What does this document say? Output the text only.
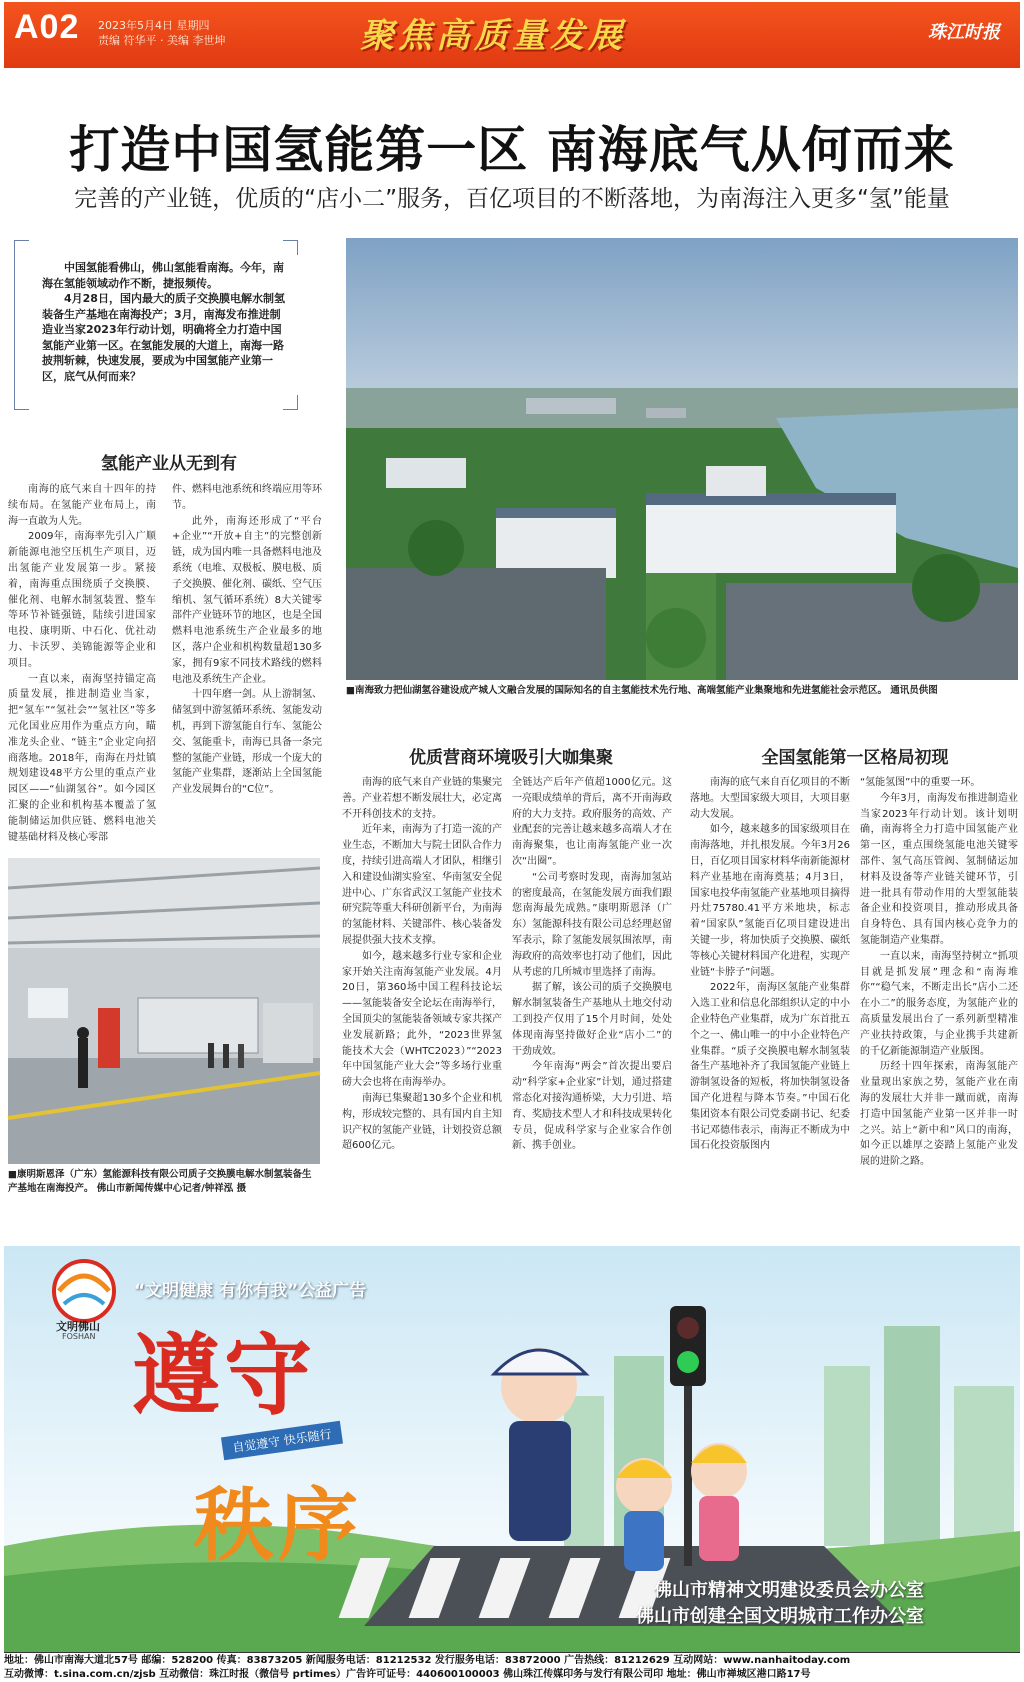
A02 2023年5月4日 星期四
责编 符华平 · 美编 李世坤	聚焦高质量发展	珠江时报
打造中国氢能第一区 南海底气从何而来
完善的产业链，优质的“店小二”服务，百亿项目的不断落地，为南海注入更多“氢”能量
中国氢能看佛山，佛山氢能看南海。今年，南海在氢能领域动作不断，捷报频传。
4月28日，国内最大的质子交换膜电解水制氢装备生产基地在南海投产；3月，南海发布推进制造业当家2023年行动计划，明确将全力打造中国氢能产业第一区。在氢能发展的大道上，南海一路披荆斩棘，快速发展，要成为中国氢能产业第一区，底气从何而来？
氢能产业从无到有

南海的底气来自十四年的持续布局。在氢能产业布局上，南海一直敢为人先。

2009年，南海率先引入广顺新能源电池空压机生产项目，迈出氢能产业发展第一步。紧接着，南海重点围绕质子交换膜、催化剂、电解水制氢装置、整车等环节补链强链，陆续引进国家电投、康明斯、中石化、优社动力、卡沃罗、美锦能源等企业和项目。

一直以来，南海坚持锚定高质量发展，推进制造业当家，把“氢车”“氢社会”“氢社区”等多元化国业应用作为重点方向，瞄准龙头企业、“链主”企业定向招商落地。2018年，南海在丹灶镇规划建设48平方公里的重点产业园区——“仙湖氢谷”。如今园区汇聚的企业和机构基本覆盖了氢能制储运加供应链、燃料电池关键基础材料及核心零部

件、燃料电池系统和终端应用等环节。

此外，南海还形成了“平台+企业”“开放+自主”的完整创新链，成为国内唯一具备燃料电池及系统（电堆、双极板、膜电极、质子交换膜、催化剂、碳纸、空气压缩机、氢气循环系统）8大关键零部件产业链环节的地区，也是全国燃料电池系统生产企业最多的地区，落户企业和机构数量超130多家，拥有9家不同技术路线的燃料电池及系统生产企业。

十四年磨一剑。从上游制氢、储氢到中游氢循环系统、氢能发动机，再到下游氢能自行车、氢能公交、氢能重卡，南海已具备一条完整的氢能产业链，形成一个庞大的氢能产业集群，逐渐站上全国氢能产业发展舞台的“C位”。

■南海致力把仙湖氢谷建设成产城人文融合发展的国际知名的自主氢能技术先行地、高端氢能产业集聚地和先进氢能社会示范区。 通讯员供图
优质营商环境吸引大咖集聚

南海的底气来自产业链的集聚完善。产业若想不断发展壮大，必定离不开科创技术的支持。

近年来，南海为了打造一流的产业生态，不断加大与院士团队合作力度，持续引进高端人才团队，相继引入和建设仙湖实验室、华南氢安全促进中心、广东省武汉工氢能产业技术研究院等重大科研创新平台，为南海的氢能材料、关键部件、核心装备发展提供强大技术支撑。

如今，越来越多行业专家和企业家开始关注南海氢能产业发展。4月20日，第360场中国工程科技论坛——氢能装备安全论坛在南海举行，全国顶尖的氢能装备领域专家共探产业发展新路；此外，“2023世界氢能技术大会（WHTC2023）”“2023年中国氢能产业大会”等多场行业重磅大会也将在南海举办。

南海已集聚超130多个企业和机构，形成较完整的、具有国内自主知识产权的氢能产业链，计划投资总额超600亿元。

全链达产后年产值超1000亿元。这一亮眼成绩单的背后，离不开南海政府的大力支持。政府服务的高效、产业配套的完善让越来越多高端人才在南海聚集，也让南海氢能产业一次次“出圈”。

“公司考察时发现，南海加氢站的密度最高，在氢能发展方面我们跟您南海最先成熟。”康明斯恩泽（广东）氢能源科技有限公司总经理赵留军表示，除了氢能发展氛围浓厚，南海政府的高效率也打动了他们，因此从考虑的几所城市里选择了南海。

据了解，该公司的质子交换膜电解水制氢装备生产基地从土地交付动工到投产仅用了15个月时间，处处体现南海坚持做好企业“店小二”的干劲成效。

今年南海“两会”首次提出要启动“科学家+企业家”计划，通过搭建常态化对接沟通桥梁，大力引进、培育、奖励技术型人才和科技成果转化专员，促成科学家与企业家合作创新、携手创业。

全国氢能第一区格局初现

南海的底气来自百亿项目的不断落地。大型国家级大项目，大项目驱动大发展。

如今，越来越多的国家级项目在南海落地，并扎根发展。今年3月26日，百亿项目国家材料华南新能源材料产业基地在南海奠基；4月3日，国家电投华南氢能产业基地项目摘得丹灶75780.41平方米地块，标志着“国家队”氢能百亿项目建设进出关键一步，将加快质子交换膜、碳纸等核心关键材料国产化进程，实现产业链“卡脖子”问题。

2022年，南海区氢能产业集群入选工业和信息化部组织认定的中小企业特色产业集群，成为广东首批五个之一、佛山唯一的中小企业特色产业集群。“质子交换膜电解水制氢装备生产基地补齐了我国氢能产业链上游制氢设备的短板，将加快制氢设备国产化进程与降本节奏。”中国石化集团资本有限公司党委副书记、纪委书记邓德伟表示，南海正不断成为中国石化投资版图内

“氢能氢图”中的重要一环。

今年3月，南海发布推进制造业当家2023年行动计划。该计划明确，南海将全力打造中国氢能产业第一区，重点围绕氢能电池关键零部件、氢气高压管阀、氢制储运加材料及设备等产业链关键环节，引进一批具有带动作用的大型氢能装备企业和投资项目，推动形成具备自身特色、具有国内核心竞争力的氢能制造产业集群。

一直以来，南海坚持树立“抓项目就是抓发展”理念和“南海堆你”“稳气来，不断走出长”店小二还在小二”的服务态度，为氢能产业的高质量发展出台了一系列新型精准产业扶持政策，与企业携手共建新的千亿新能源制造产业版图。

历经十四年探索，南海氢能产业量现出家族之势，氢能产业在南海的发展壮大并非一蹴而就，南海打造中国氢能产业第一区并非一时之兴。站上“新中和”风口的南海，如今正以雄厚之姿踏上氢能产业发展的进阶之路。

■康明斯恩泽（广东）氢能源科技有限公司质子交换膜电解水制氢装备生产基地在南海投产。 佛山市新闻传媒中心记者/钟祥泓 摄
文明佛山
FOSHAN
“文明健康 有你有我”公益广告
遵守
自觉遵守 快乐随行
秩序
佛山市精神文明建设委员会办公室
佛山市创建全国文明城市工作办公室
地址：佛山市南海大道北57号 邮编：528200 传真：83873205 新闻服务电话：81212532 发行服务电话：83872000 广告热线：81212629 互动网站：www.nanhaitoday.com
互动微博：t.sina.com.cn/zjsb 互动微信：珠江时报（微信号 prtimes）广告许可证号：440600100003 佛山珠江传媒印务与发行有限公司印 地址：佛山市禅城区港口路17号
